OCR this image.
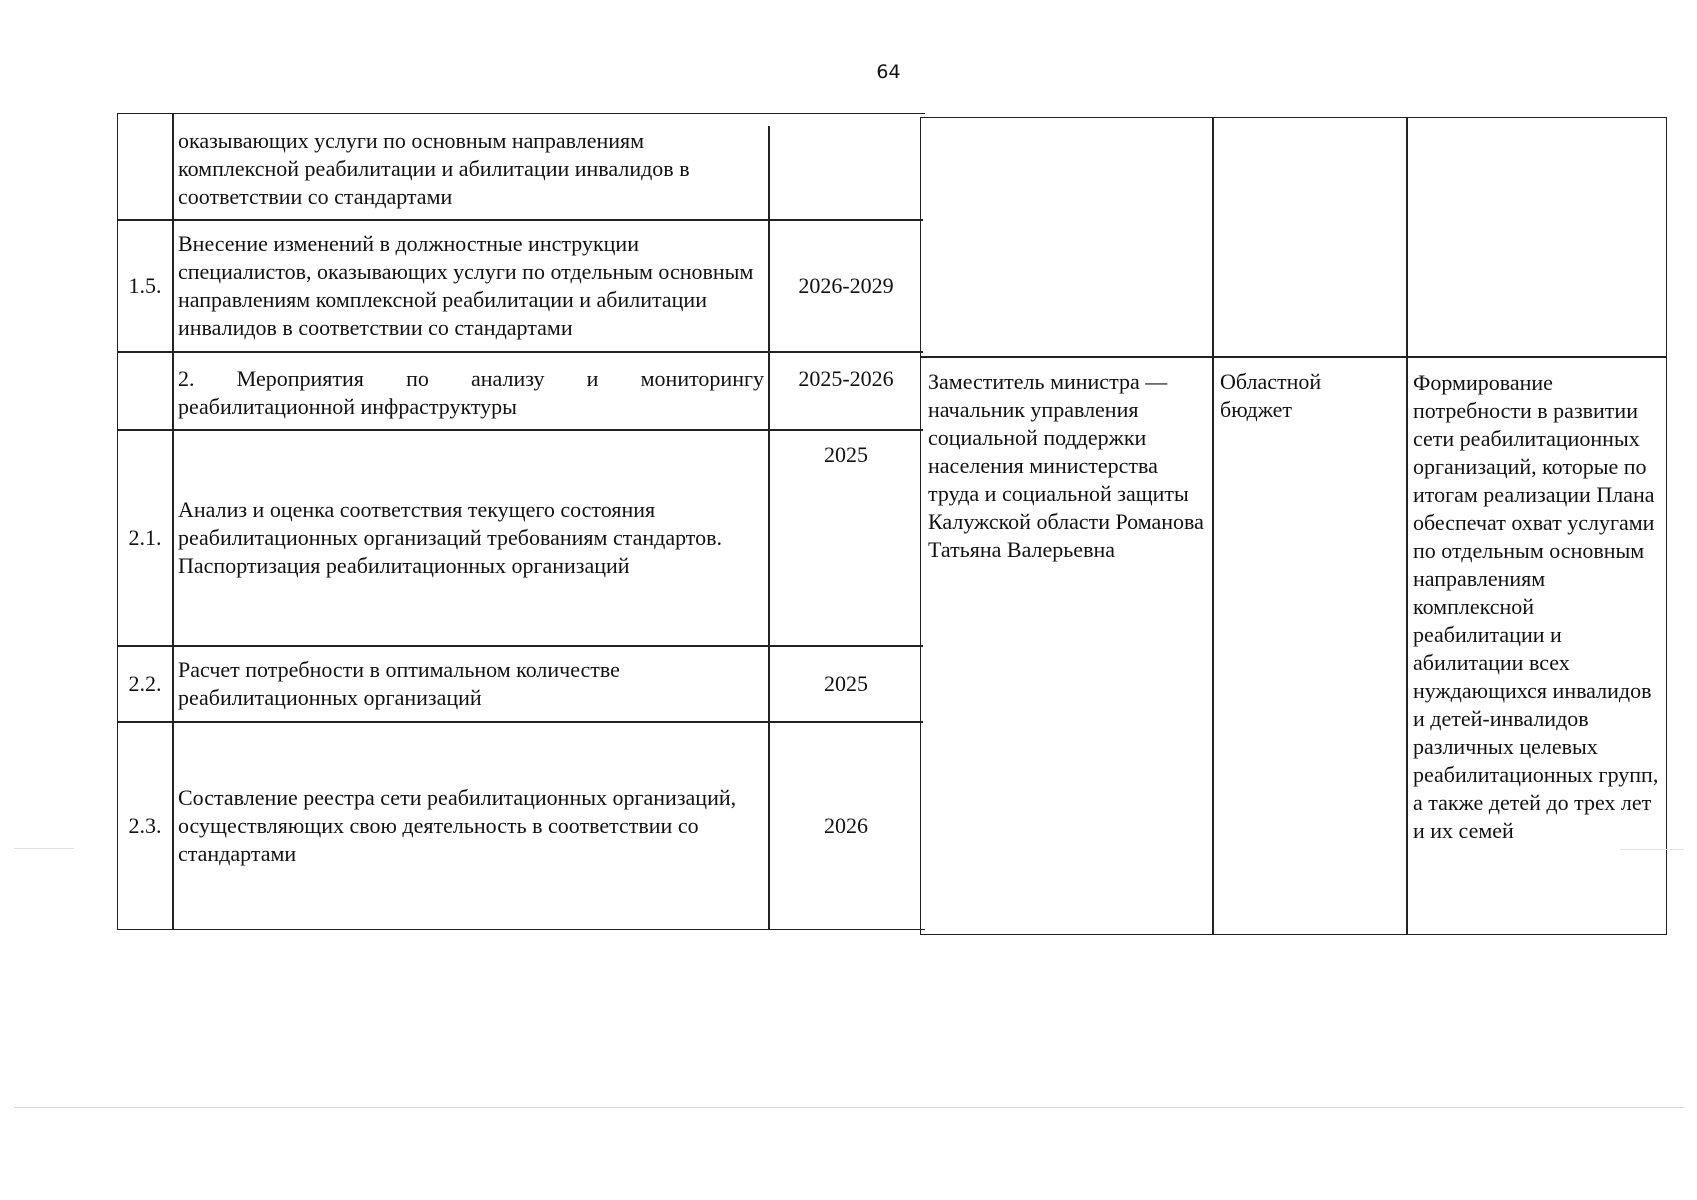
64
оказывающих услуги по основным направлениям комплексной реабилитации и абилитации инвалидов в соответствии со стандартами
1.5.
Внесение изменений в должностные инструкции специалистов, оказывающих услуги по отдельным основным направлениям комплексной реабилитации и абилитации инвалидов в соответствии со стандартами
2026-2029
2. Мероприятия по анализу и мониторингу
реабилитационной инфраструктуры
2025-2026
2.1.
Анализ и оценка соответствия текущего состояния реабилитационных организаций требованиям стандартов. Паспортизация реабилитационных организаций
2025
2.2.
Расчет потребности в оптимальном количестве реабилитационных организаций
2025
2.3.
Составление реестра сети реабилитационных организаций, осуществляющих свою деятельность в соответствии со стандартами
2026
Заместитель министра — начальник управления социальной поддержки населения министерства труда и социальной защиты Калужской области Романова Татьяна Валерьевна
Областной бюджет
Формирование потребности в развитии сети реабилитационных организаций, которые по итогам реализации Плана обеспечат охват услугами по отдельным основным направлениям комплексной реабилитации и абилитации всех нуждающихся инвалидов и детей-инвалидов различных целевых реабилитационных групп, а также детей до трех лет и их семей
